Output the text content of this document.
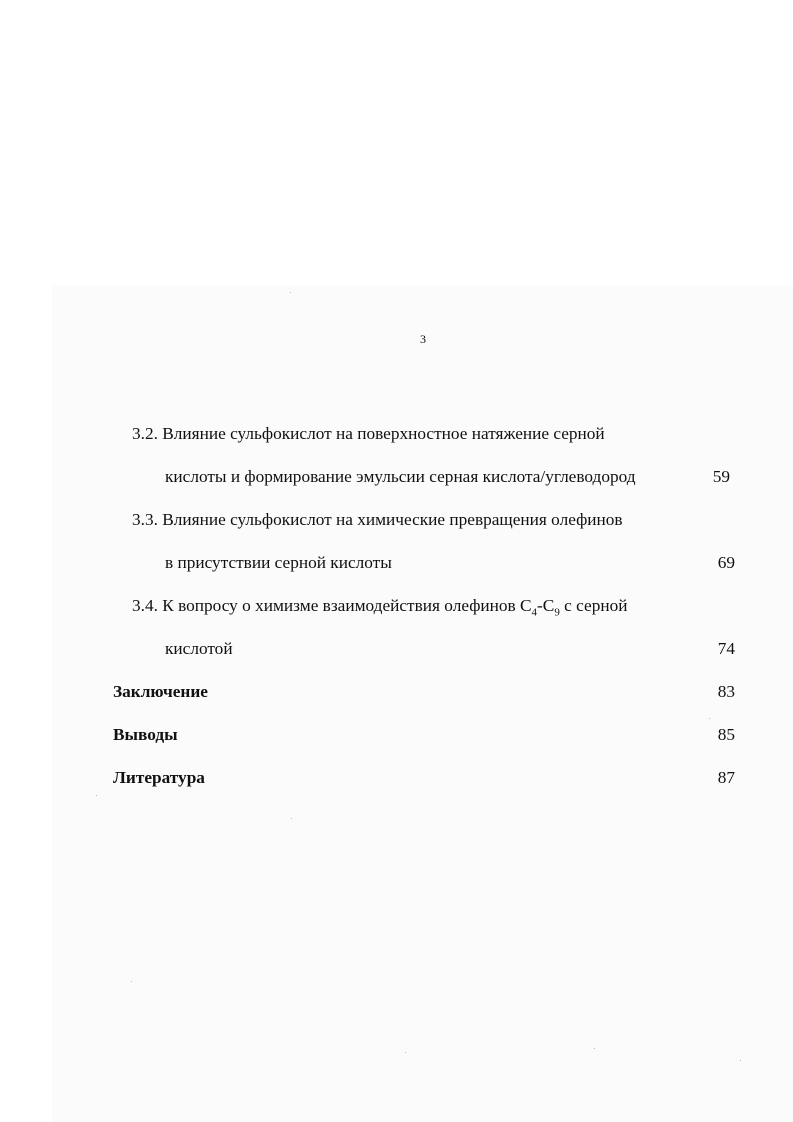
3
3.2. Влияние сульфокислот на поверхностное натяжение серной
кислоты и формирование эмульсии серная кислота/углеводород	59
3.3. Влияние сульфокислот на химические превращения олефинов
в присутствии серной кислоты	69
3.4. К вопросу о химизме взаимодействия олефинов $C_4-C_9$ с серной
кислотой	74
Заключение	83
Выводы	85
Литература	87
